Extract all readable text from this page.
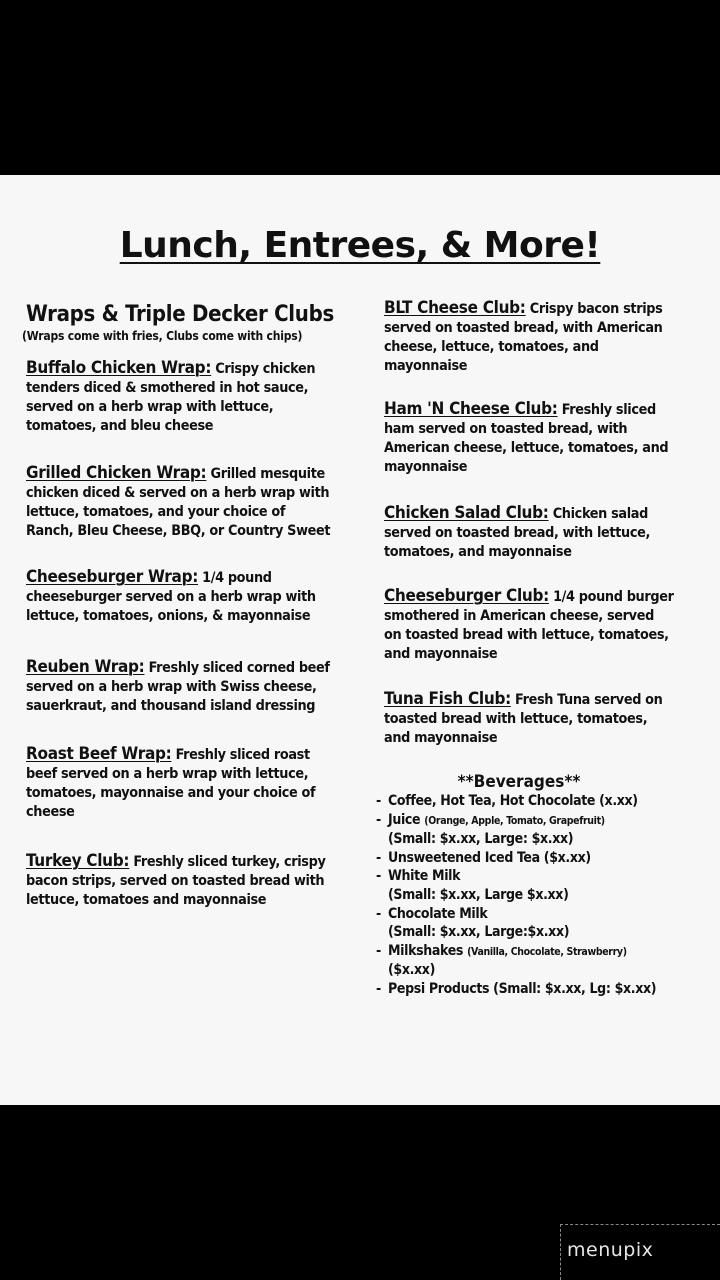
Lunch, Entrees, & More!

Wraps & Triple Decker Clubs

(Wraps come with fries, Clubs come with chips)

Buffalo Chicken Wrap: Crispy chicken tenders diced & smothered in hot sauce, served on a herb wrap with lettuce, tomatoes, and bleu cheese
Grilled Chicken Wrap: Grilled mesquite chicken diced & served on a herb wrap with lettuce, tomatoes, and your choice of Ranch, Bleu Cheese, BBQ, or Country Sweet
Cheeseburger Wrap: 1/4 pound cheeseburger served on a herb wrap with lettuce, tomatoes, onions, & mayonnaise
Reuben Wrap: Freshly sliced corned beef served on a herb wrap with Swiss cheese, sauerkraut, and thousand island dressing
Roast Beef Wrap: Freshly sliced roast beef served on a herb wrap with lettuce, tomatoes, mayonnaise and your choice of cheese
Turkey Club: Freshly sliced turkey, crispy bacon strips, served on toasted bread with lettuce, tomatoes and mayonnaise
BLT Cheese Club: Crispy bacon strips served on toasted bread, with American cheese, lettuce, tomatoes, and mayonnaise
Ham 'N Cheese Club: Freshly sliced ham served on toasted bread, with American cheese, lettuce, tomatoes, and mayonnaise
Chicken Salad Club: Chicken salad served on toasted bread, with lettuce, tomatoes, and mayonnaise
Cheeseburger Club: 1/4 pound burger smothered in American cheese, served on toasted bread with lettuce, tomatoes, and mayonnaise
Tuna Fish Club: Fresh Tuna served on toasted bread with lettuce, tomatoes, and mayonnaise

**Beverages**

- Coffee, Hot Tea, Hot Chocolate (x.xx)
- Juice (Orange, Apple, Tomato, Grapefruit)
(Small: $x.xx, Large: $x.xx)
- Unsweetened Iced Tea ($x.xx)
- White Milk
(Small: $x.xx, Large $x.xx)
- Chocolate Milk
(Small: $x.xx, Large:$x.xx)
- Milkshakes (Vanilla, Chocolate, Strawberry)
($x.xx)
- Pepsi Products (Small: $x.xx, Lg: $x.xx)
menupix
